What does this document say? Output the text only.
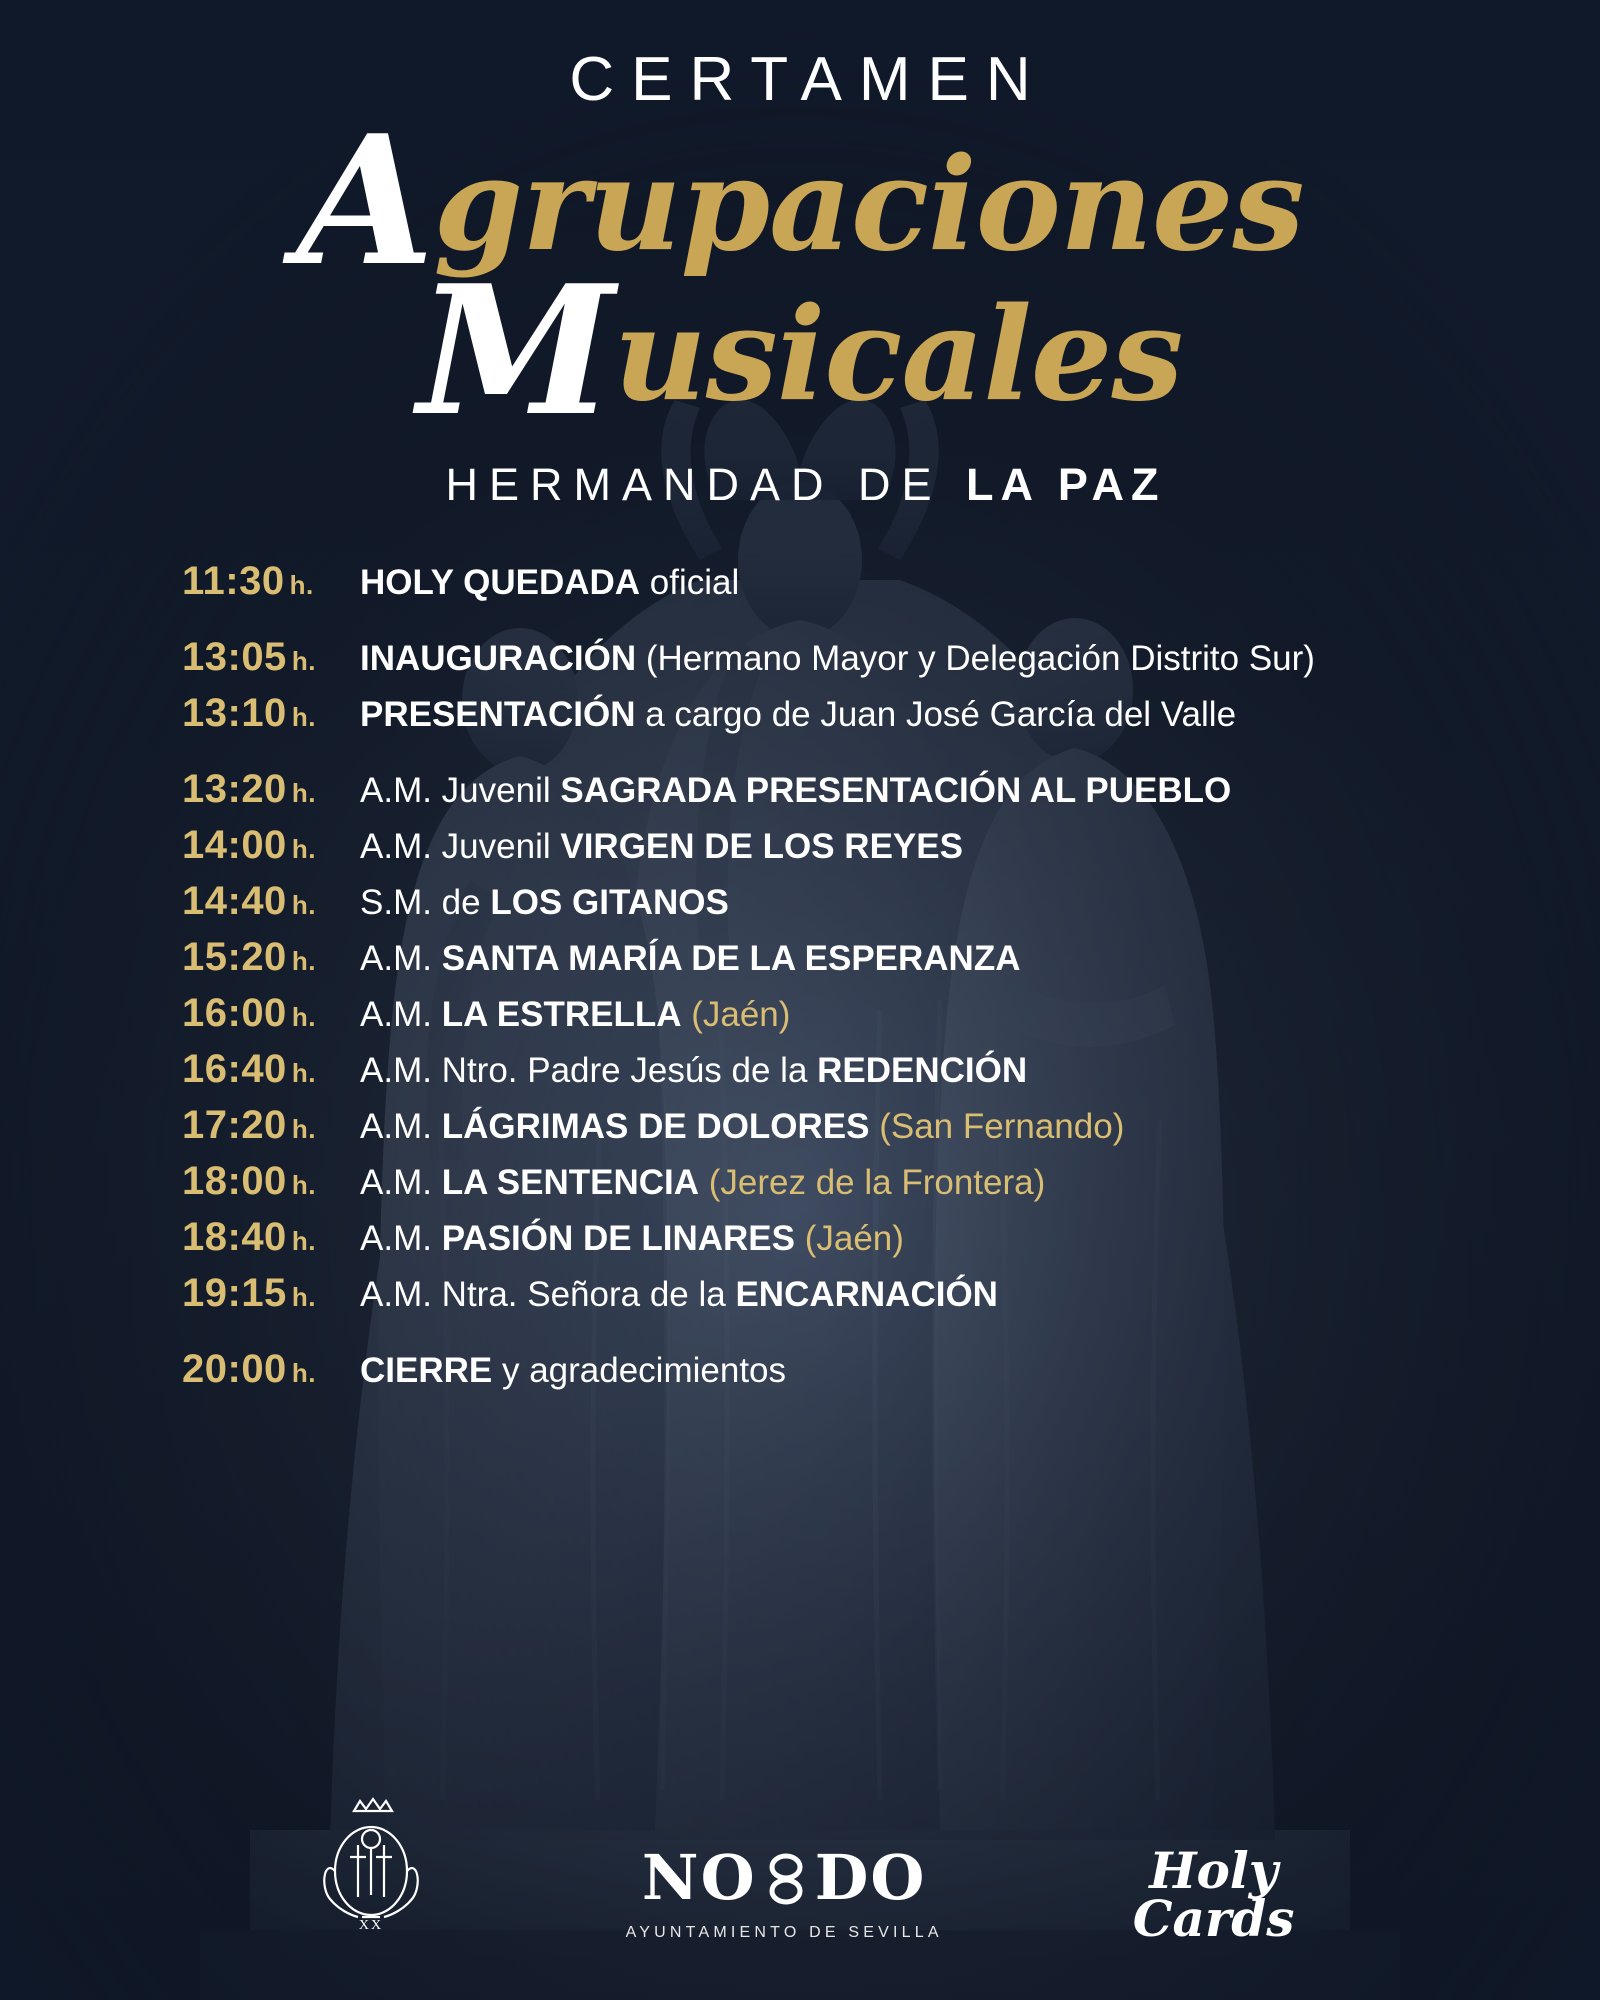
CERTAMEN
Agrupaciones
Musicales
HERMANDAD DE LA PAZ
11:30 h.	HOLY QUEDADA oficial
13:05 h.	INAUGURACIÓN (Hermano Mayor y Delegación Distrito Sur)
13:10 h.	PRESENTACIÓN a cargo de Juan José García del Valle
13:20 h.	A.M. Juvenil SAGRADA PRESENTACIÓN AL PUEBLO
14:00 h.	A.M. Juvenil VIRGEN DE LOS REYES
14:40 h.	S.M. de LOS GITANOS
15:20 h.	A.M. SANTA MARÍA DE LA ESPERANZA
16:00 h.	A.M. LA ESTRELLA (Jaén)
16:40 h.	A.M. Ntro. Padre Jesús de la REDENCIÓN
17:20 h.	A.M. LÁGRIMAS DE DOLORES (San Fernando)
18:00 h.	A.M. LA SENTENCIA (Jerez de la Frontera)
18:40 h.	A.M. PASIÓN DE LINARES (Jaén)
19:15 h.	A.M. Ntra. Señora de la ENCARNACIÓN
20:00 h.	CIERRE y agradecimientos
XX
NO DO
AYUNTAMIENTO DE SEVILLA
Holy
Cards
